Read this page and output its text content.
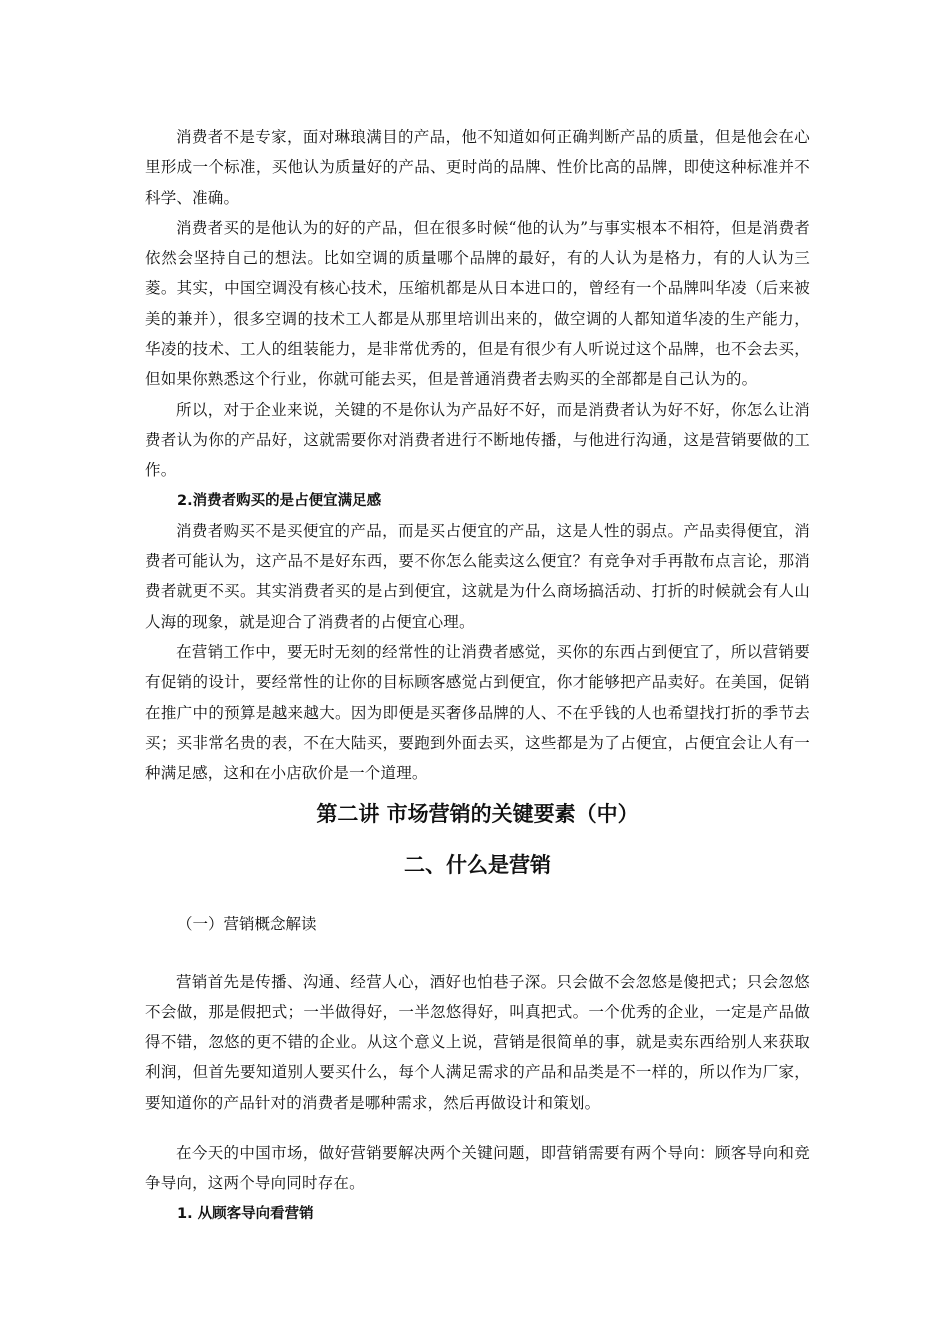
消费者不是专家，面对琳琅满目的产品，他不知道如何正确判断产品的质量，但是他会在心里形成一个标准，买他认为质量好的产品、更时尚的品牌、性价比高的品牌，即使这种标准并不科学、准确。

消费者买的是他认为的好的产品，但在很多时候“他的认为”与事实根本不相符，但是消费者依然会坚持自己的想法。比如空调的质量哪个品牌的最好，有的人认为是格力，有的人认为三菱。其实，中国空调没有核心技术，压缩机都是从日本进口的，曾经有一个品牌叫华凌（后来被美的兼并），很多空调的技术工人都是从那里培训出来的，做空调的人都知道华凌的生产能力，华凌的技术、工人的组装能力，是非常优秀的，但是有很少有人听说过这个品牌，也不会去买，但如果你熟悉这个行业，你就可能去买，但是普通消费者去购买的全部都是自己认为的。

所以，对于企业来说，关键的不是你认为产品好不好，而是消费者认为好不好，你怎么让消费者认为你的产品好，这就需要你对消费者进行不断地传播，与他进行沟通，这是营销要做的工作。

2.消费者购买的是占便宜满足感

消费者购买不是买便宜的产品，而是买占便宜的产品，这是人性的弱点。产品卖得便宜，消费者可能认为，这产品不是好东西，要不你怎么能卖这么便宜？有竞争对手再散布点言论，那消费者就更不买。其实消费者买的是占到便宜，这就是为什么商场搞活动、打折的时候就会有人山人海的现象，就是迎合了消费者的占便宜心理。

在营销工作中，要无时无刻的经常性的让消费者感觉，买你的东西占到便宜了，所以营销要有促销的设计，要经常性的让你的目标顾客感觉占到便宜，你才能够把产品卖好。在美国，促销在推广中的预算是越来越大。因为即便是买奢侈品牌的人、不在乎钱的人也希望找打折的季节去买；买非常名贵的表，不在大陆买，要跑到外面去买，这些都是为了占便宜，占便宜会让人有一种满足感，这和在小店砍价是一个道理。

第二讲 市场营销的关键要素（中）
二、什么是营销
（一）营销概念解读

营销首先是传播、沟通、经营人心，酒好也怕巷子深。只会做不会忽悠是傻把式；只会忽悠不会做，那是假把式；一半做得好，一半忽悠得好，叫真把式。一个优秀的企业，一定是产品做得不错，忽悠的更不错的企业。从这个意义上说，营销是很简单的事，就是卖东西给别人来获取利润，但首先要知道别人要买什么，每个人满足需求的产品和品类是不一样的，所以作为厂家，要知道你的产品针对的消费者是哪种需求，然后再做设计和策划。

在今天的中国市场，做好营销要解决两个关键问题，即营销需要有两个导向：顾客导向和竞争导向，这两个导向同时存在。

1. 从顾客导向看营销
